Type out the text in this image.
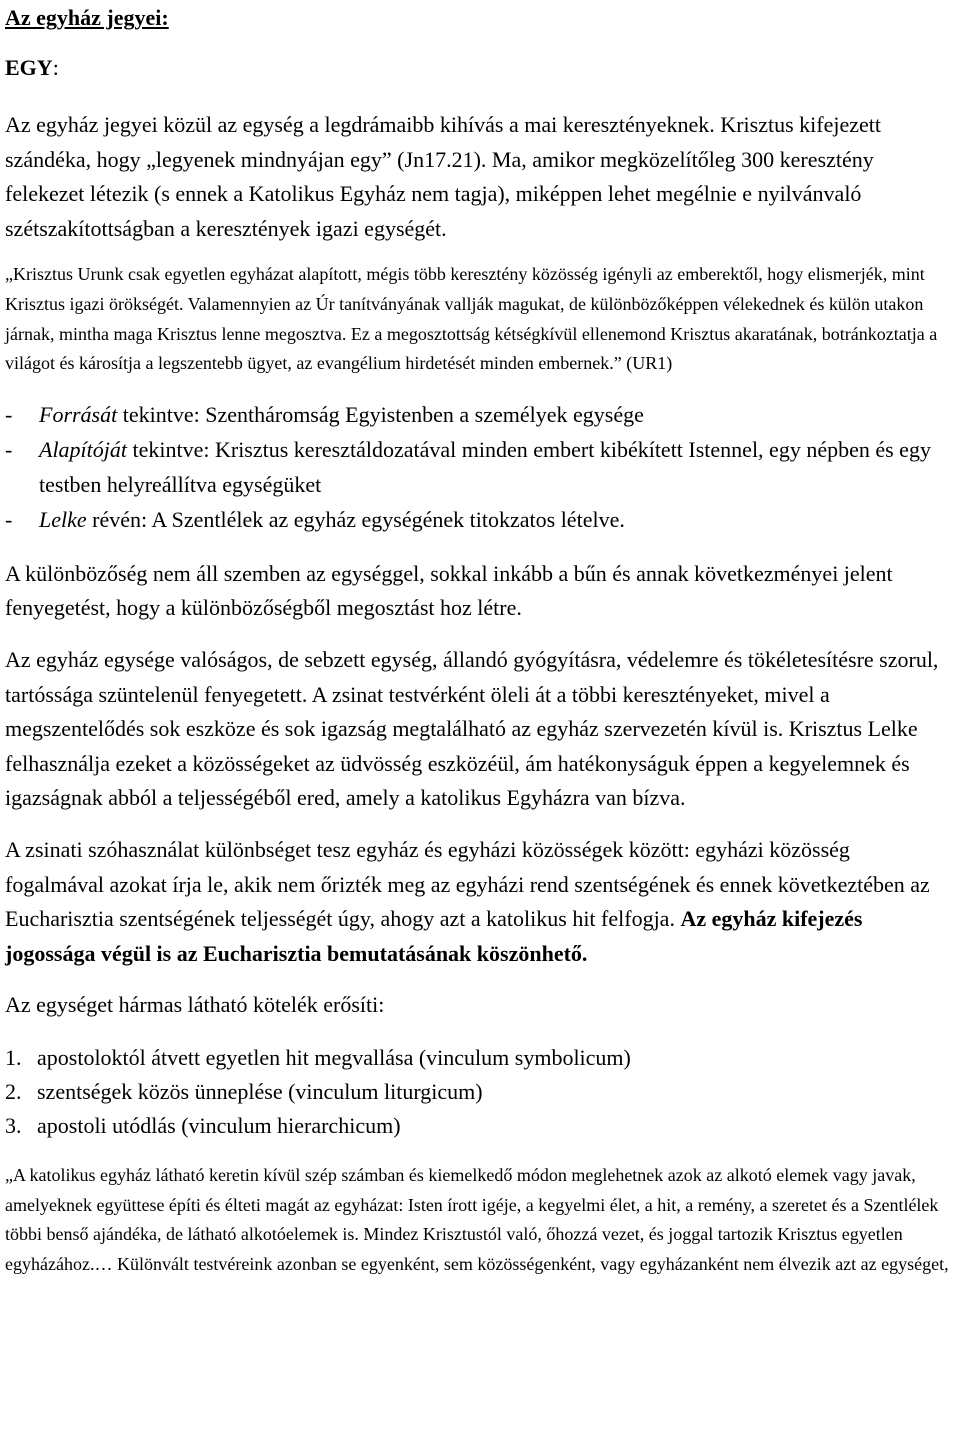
Az egyház jegyei:

EGY:

Az egyház jegyei közül az egység a legdrámaibb kihívás a mai keresztényeknek. Krisztus kifejezett szándéka, hogy „legyenek mindnyájan egy” (Jn17.21). Ma, amikor megközelítőleg 300 keresztény felekezet létezik (s ennek a Katolikus Egyház nem tagja), miképpen lehet megélnie e nyilvánvaló szétszakítottságban a keresztények igazi egységét.

„Krisztus Urunk csak egyetlen egyházat alapított, mégis több keresztény közösség igényli az emberektől, hogy elismerjék, mint Krisztus igazi örökségét. Valamennyien az Úr tanítványának vallják magukat, de különbözőképpen vélekednek és külön utakon járnak, mintha maga Krisztus lenne megosztva. Ez a megosztottság kétségkívül ellenemond Krisztus akaratának, botránkoztatja a világot és károsítja a legszentebb ügyet, az evangélium hirdetését minden embernek.” (UR1)

-	Forrását tekintve: Szentháromság Egyistenben a személyek egysége
-	Alapítóját tekintve: Krisztus keresztáldozatával minden embert kibékített Istennel, egy népben és egy testben helyreállítva egységüket
-	Lelke révén: A Szentlélek az egyház egységének titokzatos lételve.

A különbözőség nem áll szemben az egységgel, sokkal inkább a bűn és annak következményei jelent fenyegetést, hogy a különbözőségből megosztást hoz létre.

Az egyház egysége valóságos, de sebzett egység, állandó gyógyításra, védelemre és tökéletesítésre szorul, tartóssága szüntelenül fenyegetett. A zsinat testvérként öleli át a többi keresztényeket, mivel a megszentelődés sok eszköze és sok igazság megtalálható az egyház szervezetén kívül is. Krisztus Lelke felhasználja ezeket a közösségeket az üdvösség eszközéül, ám hatékonyságuk éppen a kegyelemnek és igazságnak abból a teljességéből ered, amely a katolikus Egyházra van bízva.

A zsinati szóhasználat különbséget tesz egyház és egyházi közösségek között: egyházi közösség fogalmával azokat írja le, akik nem őrizték meg az egyházi rend szentségének és ennek következtében az Eucharisztia szentségének teljességét úgy, ahogy azt a katolikus hit felfogja. Az egyház kifejezés jogossága végül is az Eucharisztia bemutatásának köszönhető.

Az egységet hármas látható kötelék erősíti:

1. apostoloktól átvett egyetlen hit megvallása (vinculum symbolicum)
2. szentségek közös ünneplése (vinculum liturgicum)
3. apostoli utódlás (vinculum hierarchicum)

„A katolikus egyház látható keretin kívül szép számban és kiemelkedő módon meglehetnek azok az alkotó elemek vagy javak, amelyeknek együttese építi és élteti magát az egyházat: Isten írott igéje, a kegyelmi élet, a hit, a remény, a szeretet és a Szentlélek többi benső ajándéka, de látható alkotóelemek is. Mindez Krisztustól való, őhozzá vezet, és joggal tartozik Krisztus egyetlen egyházához.… Különvált testvéreink azonban se egyenként, sem közösségenként, vagy egyházanként nem élvezik azt az egységet,
